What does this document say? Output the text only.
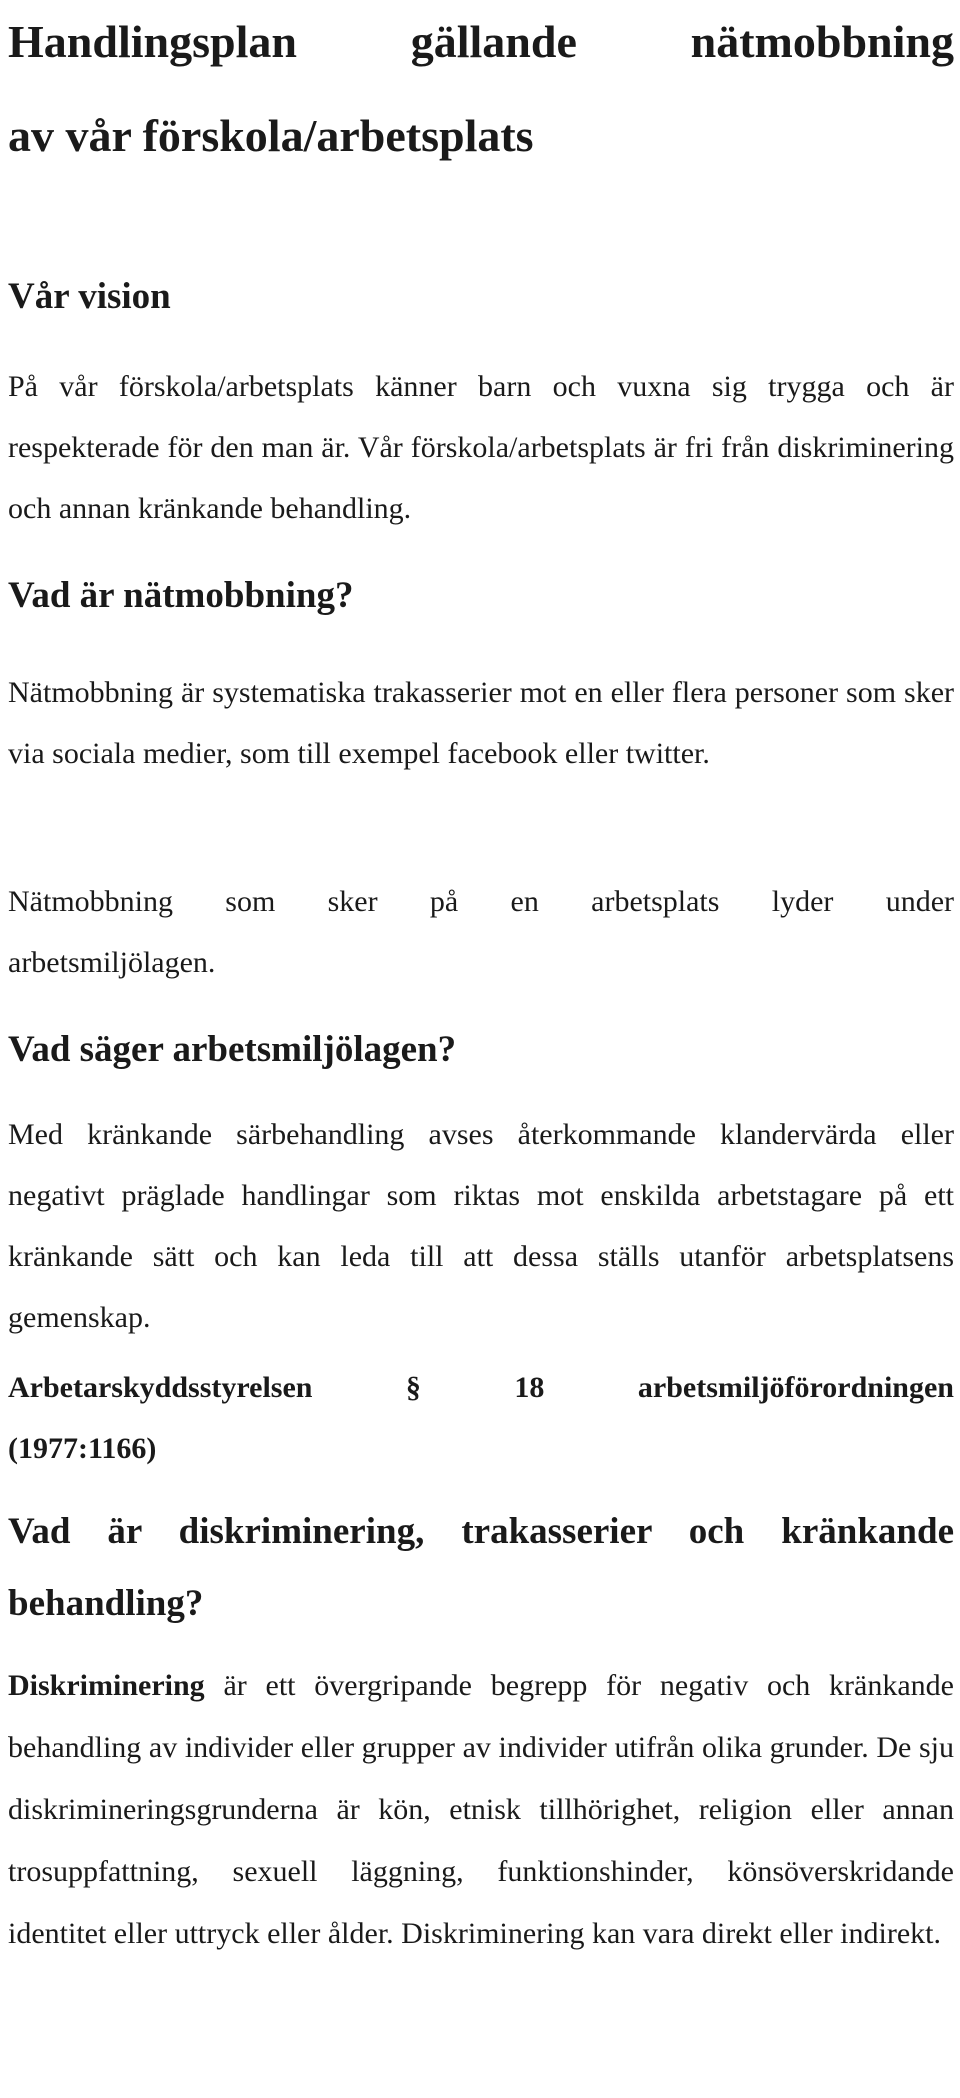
Handlingsplan gällande nätmobbning
av vår förskola/arbetsplats
Vår vision

På vår förskola/arbetsplats känner barn och vuxna sig trygga och är respekterade för den man är. Vår förskola/arbetsplats är fri från diskriminering och annan kränkande behandling.

Vad är nätmobbning?

Nätmobbning är systematiska trakasserier mot en eller flera personer som sker via sociala medier, som till exempel facebook eller twitter.

Nätmobbning som sker på en arbetsplats lyder under
arbetsmiljölagen.

Vad säger arbetsmiljölagen?

Med kränkande särbehandling avses återkommande klandervärda eller negativt präglade handlingar som riktas mot enskilda arbetstagare på ett kränkande sätt och kan leda till att dessa ställs utanför arbetsplatsens gemenskap.

Arbetarskyddsstyrelsen § 18 arbetsmiljöförordningen
(1977:1166)

Vad är diskriminering, trakasserier och kränkande behandling?

Diskriminering är ett övergripande begrepp för negativ och kränkande behandling av individer eller grupper av individer utifrån olika grunder. De sju diskrimineringsgrunderna är kön, etnisk tillhörighet, religion eller annan trosuppfattning, sexuell läggning, funktionshinder, könsöverskridande identitet eller uttryck eller ålder. Diskriminering kan vara direkt eller indirekt.
